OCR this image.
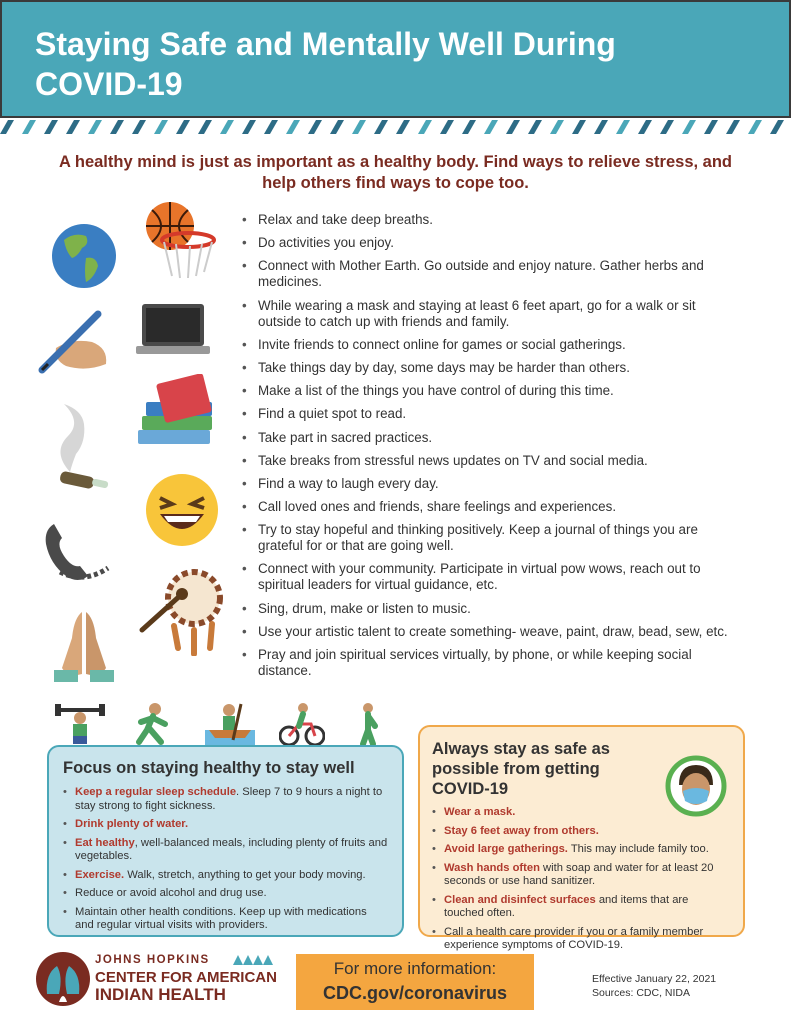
Staying Safe and Mentally Well During COVID-19
A healthy mind is just as important as a healthy body. Find ways to relieve stress, and help others find ways to cope too.
• Relax and take deep breaths.
• Do activities you enjoy.
• Connect with Mother Earth. Go outside and enjoy nature. Gather herbs and medicines.
• While wearing a mask and staying at least 6 feet apart, go for a walk or sit outside to catch up with friends and family.
• Invite friends to connect online for games or social gatherings.
• Take things day by day, some days may be harder than others.
• Make a list of the things you have control of during this time.
• Find a quiet spot to read.
• Take part in sacred practices.
• Take breaks from stressful news updates on TV and social media.
• Find a way to laugh every day.
• Call loved ones and friends, share feelings and experiences.
• Try to stay hopeful and thinking positively. Keep a journal of things you are grateful for or that are going well.
• Connect with your community. Participate in virtual pow wows, reach out to spiritual leaders for virtual guidance, etc.
• Sing, drum, make or listen to music.
• Use your artistic talent to create something- weave, paint, draw, bead, sew, etc.
• Pray and join spiritual services virtually, by phone, or while keeping social distance.
Focus on staying healthy to stay well
• Keep a regular sleep schedule. Sleep 7 to 9 hours a night to stay strong to fight sickness.
• Drink plenty of water.
• Eat healthy, well-balanced meals, including plenty of fruits and vegetables.
• Exercise. Walk, stretch, anything to get your body moving.
• Reduce or avoid alcohol and drug use.
• Maintain other health conditions. Keep up with medications and regular virtual visits with providers.
Always stay as safe as possible from getting COVID-19
• Wear a mask.
• Stay 6 feet away from others.
• Avoid large gatherings. This may include family too.
• Wash hands often with soap and water for at least 20 seconds or use hand sanitizer.
• Clean and disinfect surfaces and items that are touched often.
• Call a health care provider if you or a family member experience symptoms of COVID-19.
JOHNS HOPKINS
CENTER FOR AMERICAN
INDIAN HEALTH
For more information:
CDC.gov/coronavirus
Effective January 22, 2021
Sources: CDC, NIDA
